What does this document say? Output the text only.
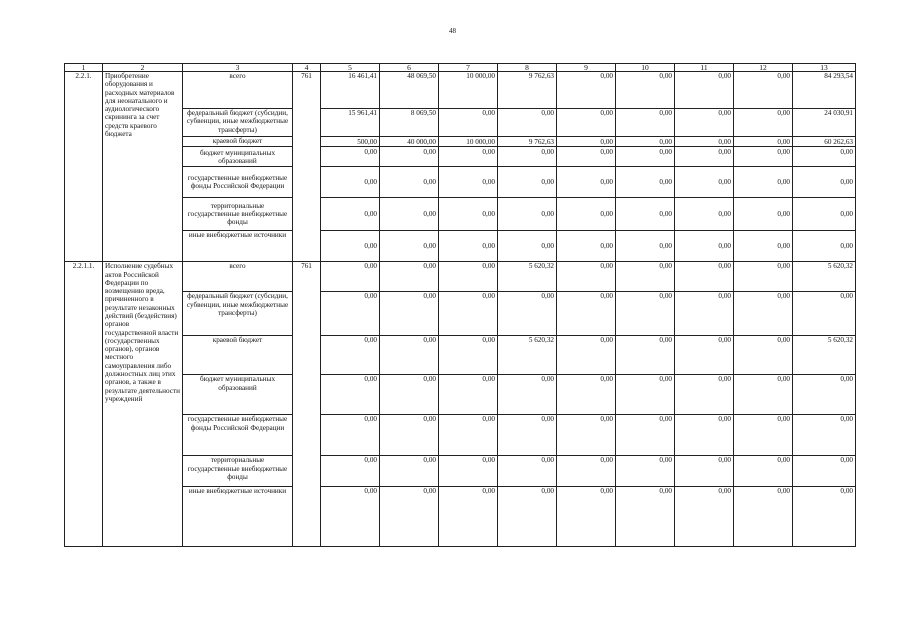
48
1	2	3	4	5	6	7	8	9	10	11	12	13
2.2.1.	Приобретение оборудования и расходных материалов для неонатального и аудиологического скрининга за счет средств краевого бюджета	всего	761	16 461,41	48 069,50	10 000,00	9 762,63	0,00	0,00	0,00	0,00	84 293,54
		федеральный бюджет (субсидии, субвенции, иные межбюджетные трансферты)		15 961,41	8 069,50	0,00	0,00	0,00	0,00	0,00	0,00	24 030,91
		краевой бюджет		500,00	40 000,00	10 000,00	9 762,63	0,00	0,00	0,00	0,00	60 262,63
		бюджет муниципальных образований		0,00	0,00	0,00	0,00	0,00	0,00	0,00	0,00	0,00
		государственные внебюджетные фонды Российской Федерации		0,00	0,00	0,00	0,00	0,00	0,00	0,00	0,00	0,00
		территориальные государственные внебюджетные фонды		0,00	0,00	0,00	0,00	0,00	0,00	0,00	0,00	0,00
		иные внебюджетные источники		0,00	0,00	0,00	0,00	0,00	0,00	0,00	0,00	0,00
2.2.1.1.	Исполнение судебных актов Российской Федерации по возмещению вреда, причиненного в результате незаконных действий (бездействия) органов государственной власти (государственных органов), органов местного самоуправления либо должностных лиц этих органов, а также в результате деятельности учреждений	всего	761	0,00	0,00	0,00	5 620,32	0,00	0,00	0,00	0,00	5 620,32
		федеральный бюджет (субсидии, субвенции, иные межбюджетные трансферты)		0,00	0,00	0,00	0,00	0,00	0,00	0,00	0,00	0,00
		краевой бюджет		0,00	0,00	0,00	5 620,32	0,00	0,00	0,00	0,00	5 620,32
		бюджет муниципальных образований		0,00	0,00	0,00	0,00	0,00	0,00	0,00	0,00	0,00
		государственные внебюджетные фонды Российской Федерации		0,00	0,00	0,00	0,00	0,00	0,00	0,00	0,00	0,00
		территориальные государственные внебюджетные фонды		0,00	0,00	0,00	0,00	0,00	0,00	0,00	0,00	0,00
		иные внебюджетные источники		0,00	0,00	0,00	0,00	0,00	0,00	0,00	0,00	0,00
